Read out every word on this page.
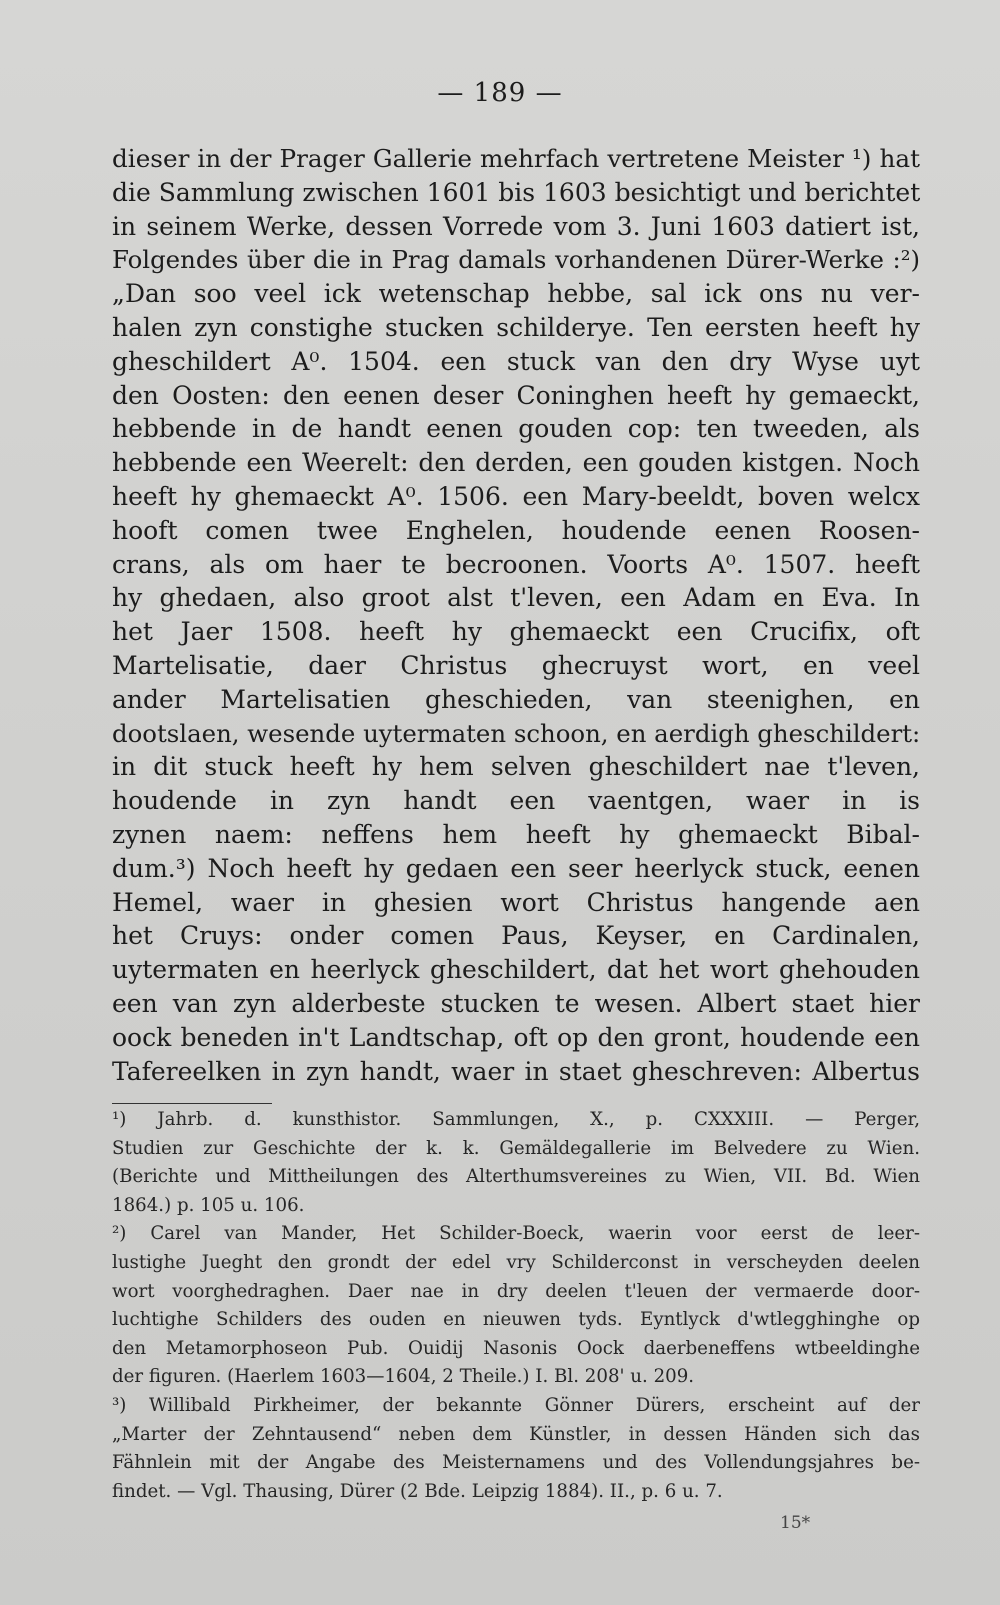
— 189 —
dieser in der Prager Gallerie mehrfach vertretene Meister ¹) hat
die Sammlung zwischen 1601 bis 1603 besichtigt und berichtet
in seinem Werke, dessen Vorrede vom 3. Juni 1603 datiert ist,
Folgendes über die in Prag damals vorhandenen Dürer-Werke :²)
„Dan soo veel ick wetenschap hebbe, sal ick ons nu ver-
halen zyn constighe stucken schilderye. Ten eersten heeft hy
gheschildert A⁰. 1504. een stuck van den dry Wyse uyt
den Oosten: den eenen deser Coninghen heeft hy gemaeckt,
hebbende in de handt eenen gouden cop: ten tweeden, als
hebbende een Weerelt: den derden, een gouden kistgen. Noch
heeft hy ghemaeckt A⁰. 1506. een Mary-beeldt, boven welcx
hooft comen twee Enghelen, houdende eenen Roosen-
crans, als om haer te becroonen. Voorts A⁰. 1507. heeft
hy ghedaen, also groot alst t'leven, een Adam en Eva. In
het Jaer 1508. heeft hy ghemaeckt een Crucifix, oft
Martelisatie, daer Christus ghecruyst wort, en veel
ander Martelisatien gheschieden, van steenighen, en
dootslaen, wesende uytermaten schoon, en aerdigh gheschildert:
in dit stuck heeft hy hem selven gheschildert nae t'leven,
houdende in zyn handt een vaentgen, waer in is
zynen naem: neffens hem heeft hy ghemaeckt Bibal-
dum.³) Noch heeft hy gedaen een seer heerlyck stuck, eenen
Hemel, waer in ghesien wort Christus hangende aen
het Cruys: onder comen Paus, Keyser, en Cardinalen,
uytermaten en heerlyck gheschildert, dat het wort ghehouden
een van zyn alderbeste stucken te wesen. Albert staet hier
oock beneden in't Landtschap, oft op den gront, houdende een
Tafereelken in zyn handt, waer in staet gheschreven: Albertus
¹) Jahrb. d. kunsthistor. Sammlungen, X., p. CXXXIII. — Perger,
Studien zur Geschichte der k. k. Gemäldegallerie im Belvedere zu Wien.
(Berichte und Mittheilungen des Alterthumsvereines zu Wien, VII. Bd. Wien
1864.) p. 105 u. 106.
²) Carel van Mander, Het Schilder-Boeck, waerin voor eerst de leer-
lustighe Jueght den grondt der edel vry Schilderconst in verscheyden deelen
wort voorghedraghen. Daer nae in dry deelen t'leuen der vermaerde door-
luchtighe Schilders des ouden en nieuwen tyds. Eyntlyck d'wtlegghinghe op
den Metamorphoseon Pub. Ouidij Nasonis Oock daerbeneffens wtbeeldinghe
der figuren. (Haerlem 1603—1604, 2 Theile.) I. Bl. 208' u. 209.
³) Willibald Pirkheimer, der bekannte Gönner Dürers, erscheint auf der
„Marter der Zehntausend“ neben dem Künstler, in dessen Händen sich das
Fähnlein mit der Angabe des Meisternamens und des Vollendungsjahres be-
findet. — Vgl. Thausing, Dürer (2 Bde. Leipzig 1884). II., p. 6 u. 7.
15*
